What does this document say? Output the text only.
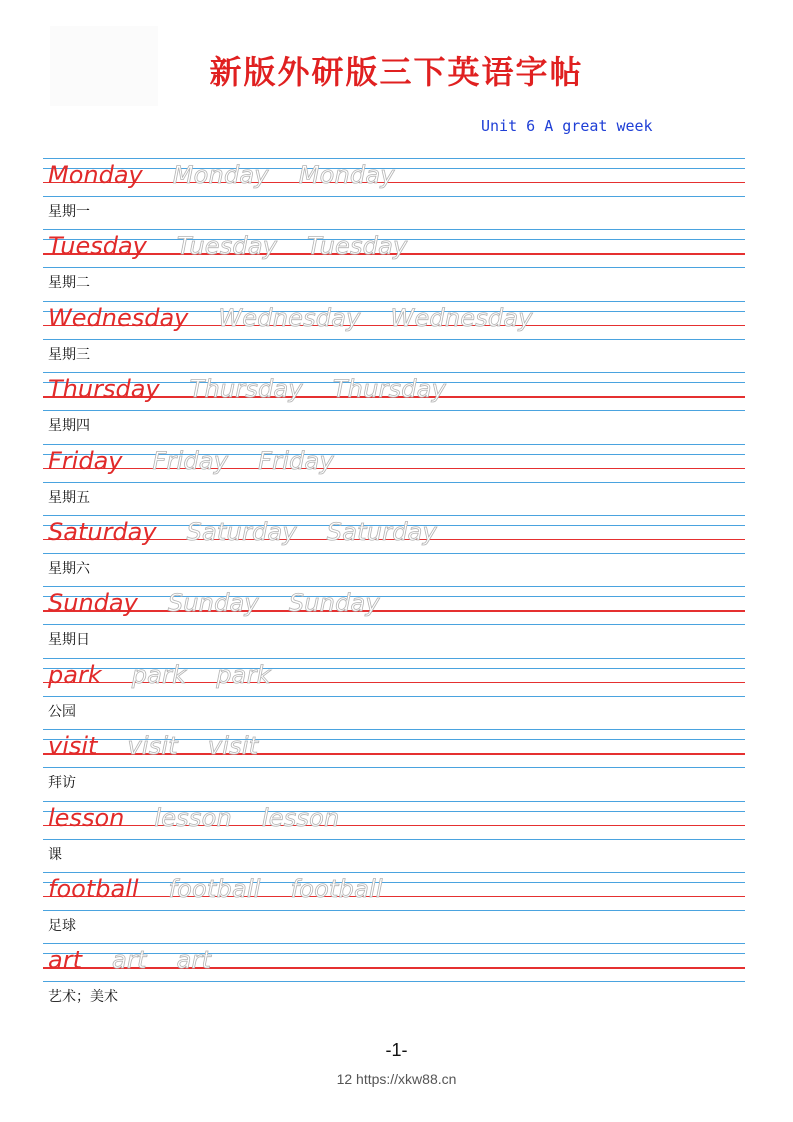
新版外研版三下英语字帖
Unit 6 A great week
Monday Monday Monday
星期一
Tuesday Tuesday Tuesday
星期二
Wednesday Wednesday Wednesday
星期三
Thursday Thursday Thursday
星期四
Friday Friday Friday
星期五
Saturday Saturday Saturday
星期六
Sunday Sunday Sunday
星期日
park park park
公园
visit visit visit
拜访
lesson lesson lesson
课
football football football
足球
art art art
艺术；美术
-1-
12 https://xkw88.cn
